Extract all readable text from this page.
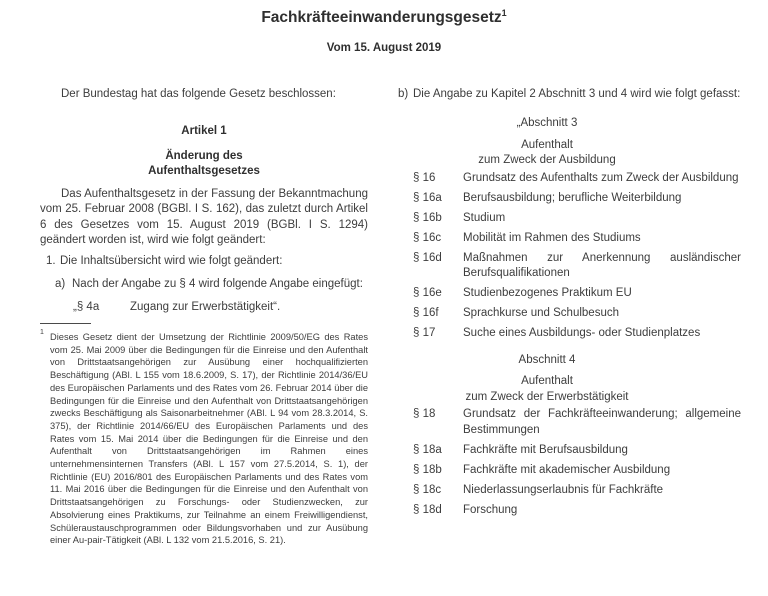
Fachkräfteeinwanderungsgesetz$^1$
Vom 15. August 2019
Der Bundestag hat das folgende Gesetz beschlossen:
Artikel 1
Änderung des
Aufenthaltsgesetzes
Das Aufenthaltsgesetz in der Fassung der Bekanntmachung vom 25. Februar 2008 (BGBl. I S. 162), das zuletzt durch Artikel 6 des Gesetzes vom 15. August 2019 (BGBl. I S. 1294) geändert worden ist, wird wie folgt geändert:
1. Die Inhaltsübersicht wird wie folgt geändert:
a) Nach der Angabe zu § 4 wird folgende Angabe eingefügt:
„§ 4a	Zugang zur Erwerbstätigkeit“.
1 Dieses Gesetz dient der Umsetzung der Richtlinie 2009/50/EG des Rates vom 25. Mai 2009 über die Bedingungen für die Einreise und den Aufenthalt von Drittstaatsangehörigen zur Ausübung einer hochqualifizierten Beschäftigung (ABl. L 155 vom 18.6.2009, S. 17), der Richtlinie 2014/36/EU des Europäischen Parlaments und des Rates vom 26. Februar 2014 über die Bedingungen für die Einreise und den Aufenthalt von Drittstaatsangehörigen zwecks Beschäftigung als Saisonarbeitnehmer (ABl. L 94 vom 28.3.2014, S. 375), der Richtlinie 2014/66/EU des Europäischen Parlaments und des Rates vom 15. Mai 2014 über die Bedingungen für die Einreise und den Aufenthalt von Drittstaatsangehörigen im Rahmen eines unternehmensinternen Transfers (ABl. L 157 vom 27.5.2014, S. 1), der Richtlinie (EU) 2016/801 des Europäischen Parlaments und des Rates vom 11. Mai 2016 über die Bedingungen für die Einreise und den Aufenthalt von Drittstaatsangehörigen zu Forschungs- oder Studienzwecken, zur Absolvierung eines Praktikums, zur Teilnahme an einem Freiwilligendienst, Schüleraustauschprogrammen oder Bildungsvorhaben und zur Ausübung einer Au-pair-Tätigkeit (ABl. L 132 vom 21.5.2016, S. 21).
b) Die Angabe zu Kapitel 2 Abschnitt 3 und 4 wird wie folgt gefasst:
„Abschnitt 3
Aufenthalt
zum Zweck der Ausbildung
§ 16	Grundsatz des Aufenthalts zum Zweck der Ausbildung
§ 16a	Berufsausbildung; berufliche Weiterbildung
§ 16b	Studium
§ 16c	Mobilität im Rahmen des Studiums
§ 16d	Maßnahmen zur Anerkennung ausländischer Berufsqualifikationen
§ 16e	Studienbezogenes Praktikum EU
§ 16f	Sprachkurse und Schulbesuch
§ 17	Suche eines Ausbildungs- oder Studienplatzes
Abschnitt 4
Aufenthalt
zum Zweck der Erwerbstätigkeit
§ 18	Grundsatz der Fachkräfteeinwanderung; allgemeine Bestimmungen
§ 18a	Fachkräfte mit Berufsausbildung
§ 18b	Fachkräfte mit akademischer Ausbildung
§ 18c	Niederlassungserlaubnis für Fachkräfte
§ 18d	Forschung
